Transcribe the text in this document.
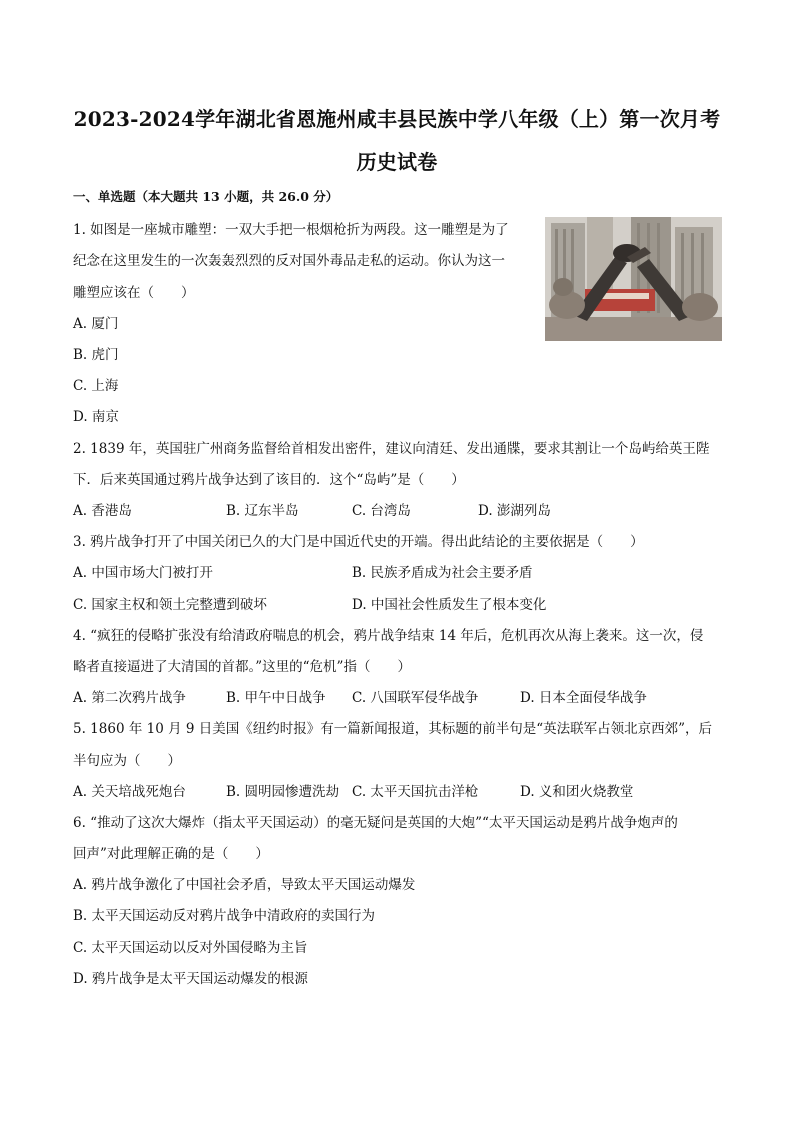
2023-2024学年湖北省恩施州咸丰县民族中学八年级（上）第一次月考
历史试卷
一、单选题（本大题共 13 小题，共 26.0 分）
1. 如图是一座城市雕塑：一双大手把一根烟枪折为两段。这一雕塑是为了
纪念在这里发生的一次轰轰烈烈的反对国外毒品走私的运动。你认为这一
雕塑应该在（　　）
A. 厦门
B. 虎门
C. 上海
D. 南京
2. 1839 年，英国驻广州商务监督给首相发出密件，建议向清廷、发出通牒，要求其割让一个岛屿给英王陛
下．后来英国通过鸦片战争达到了该目的．这个“岛屿”是（　　）
A. 香港岛	B. 辽东半岛	C. 台湾岛	D. 澎湖列岛
3. 鸦片战争打开了中国关闭已久的大门是中国近代史的开端。得出此结论的主要依据是（　　）
A. 中国市场大门被打开	B. 民族矛盾成为社会主要矛盾
C. 国家主权和领土完整遭到破坏	D. 中国社会性质发生了根本变化
4. “疯狂的侵略扩张没有给清政府喘息的机会，鸦片战争结束 14 年后，危机再次从海上袭来。这一次，侵
略者直接逼进了大清国的首都。”这里的“危机”指（　　）
A. 第二次鸦片战争	B. 甲午中日战争 C. 八国联军侵华战争	D. 日本全面侵华战争
5. 1860 年 10 月 9 日美国《纽约时报》有一篇新闻报道，其标题的前半句是“英法联军占领北京西郊”，后
半句应为（　　）
A. 关天培战死炮台	B. 圆明园惨遭洗劫 C. 太平天国抗击洋枪	D. 义和团火烧教堂
6. “推动了这次大爆炸（指太平天国运动）的毫无疑问是英国的大炮”“太平天国运动是鸦片战争炮声的
回声”对此理解正确的是（　　）
A. 鸦片战争激化了中国社会矛盾，导致太平天国运动爆发
B. 太平天国运动反对鸦片战争中清政府的卖国行为
C. 太平天国运动以反对外国侵略为主旨
D. 鸦片战争是太平天国运动爆发的根源
